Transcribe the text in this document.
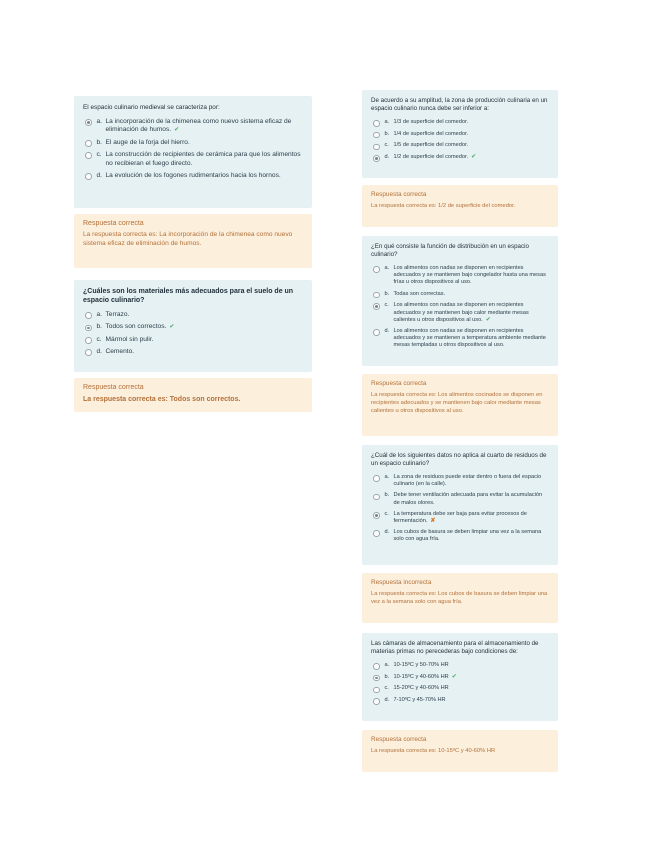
El espacio culinario medieval se caracteriza por:

a. La incorporación de la chimenea como nuevo sistema eficaz de eliminación de humos. ✔
b. El auge de la forja del hierro.
c. La construcción de recipientes de cerámica para que los alimentos no recibieran el fuego directo.
d. La evolución de los fogones rudimentarios hacia los hornos.
Respuesta correcta
La respuesta correcta es: La incorporación de la chimenea como nuevo sistema eficaz de eliminación de humos.

¿Cuáles son los materiales más adecuados para el suelo de un espacio culinario?

a. Terrazo.
b. Todos son correctos. ✔
c. Mármol sin pulir.
d. Cemento.
Respuesta correcta
La respuesta correcta es: Todos son correctos.

De acuerdo a su amplitud, la zona de producción culinaria en un espacio culinario nunca debe ser inferior a:

a. 1/3 de superficie del comedor.
b. 1/4 de superficie del comedor.
c. 1/5 de superficie del comedor.
d. 1/2 de superficie del comedor. ✔
Respuesta correcta
La respuesta correcta es: 1/2 de superficie del comedor.

¿En qué consiste la función de distribución en un espacio culinario?

a. Los alimentos con nadas se disponen en recipientes adecuados y se mantienen bajo congelador hasta una mesas frías u otros dispositivos al uso.
b. Todas son correctas.
c. Los alimentos con nadas se disponen en recipientes adecuados y se mantienen bajo calor mediante mesas calientes u otros dispositivos al uso. ✔
d. Los alimentos con nadas se disponen en recipientes adecuados y se mantienen a temperatura ambiente mediante mesas templadas u otros dispositivos al uso.
Respuesta correcta
La respuesta correcta es: Los alimentos cocinados se disponen en recipientes adecuados y se mantienen bajo calor mediante mesas calientes u otros dispositivos al uso.

¿Cuál de los siguientes datos no aplica al cuarto de residuos de un espacio culinario?

a. La zona de residuos puede estar dentro o fuera del espacio culinario (en la calle).
b. Debe tener ventilación adecuada para evitar la acumulación de malos olores.
c. La temperatura debe ser baja para evitar procesos de fermentación. ✘
d. Los cubos de basura se deben limpiar una vez a la semana solo con agua fría.
Respuesta incorrecta
La respuesta correcta es: Los cubos de basura se deben limpiar una vez a la semana solo con agua fría.

Las cámaras de almacenamiento para el almacenamiento de materias primas no perecederas bajo condiciones de:

a. 10-15ºC y 50-70% HR
b. 10-15ºC y 40-60% HR ✔
c. 15-20ºC y 40-60% HR
d. 7-10ºC y 45-70% HR
Respuesta correcta
La respuesta correcta es: 10-15ºC y 40-60% HR
